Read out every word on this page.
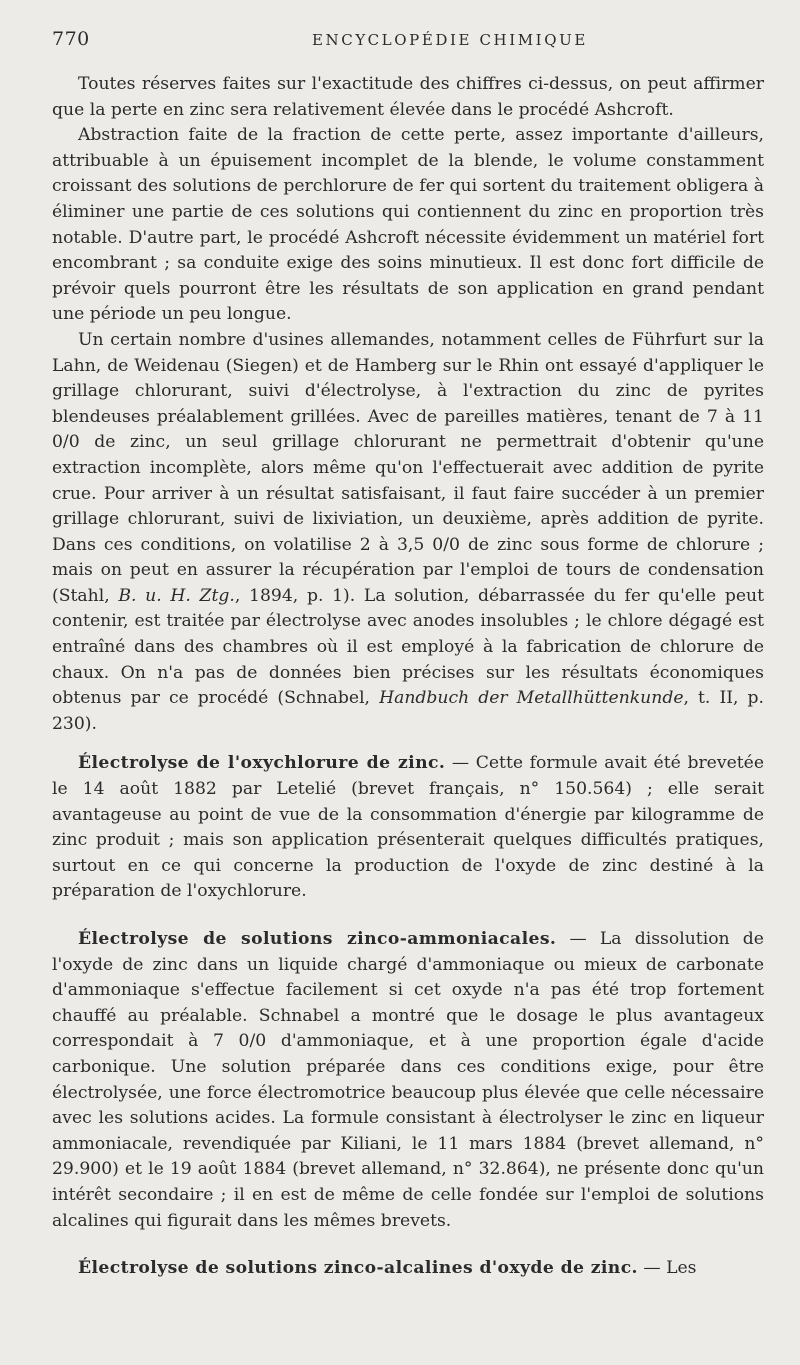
770	ENCYCLOPÉDIE CHIMIQUE

Toutes réserves faites sur l'exactitude des chiffres ci-dessus, on peut affirmer que la perte en zinc sera relativement élevée dans le procédé Ashcroft.

Abstraction faite de la fraction de cette perte, assez importante d'ailleurs, attribuable à un épuisement incomplet de la blende, le volume constamment croissant des solutions de perchlorure de fer qui sortent du traitement obligera à éliminer une partie de ces solutions qui contiennent du zinc en proportion très notable. D'autre part, le procédé Ashcroft nécessite évidemment un matériel fort encombrant ; sa conduite exige des soins minutieux. Il est donc fort difficile de prévoir quels pourront être les résultats de son application en grand pendant une période un peu longue.

Un certain nombre d'usines allemandes, notamment celles de Führfurt sur la Lahn, de Weidenau (Siegen) et de Hamberg sur le Rhin ont essayé d'appliquer le grillage chlorurant, suivi d'électrolyse, à l'extraction du zinc de pyrites blendeuses préalablement grillées. Avec de pareilles matières, tenant de 7 à 11 0/0 de zinc, un seul grillage chlorurant ne permettrait d'obtenir qu'une extraction incomplète, alors même qu'on l'effectuerait avec addition de pyrite crue. Pour arriver à un résultat satisfaisant, il faut faire succéder à un premier grillage chlorurant, suivi de lixiviation, un deuxième, après addition de pyrite. Dans ces conditions, on volatilise 2 à 3,5 0/0 de zinc sous forme de chlorure ; mais on peut en assurer la récupération par l'emploi de tours de condensation (Stahl, B. u. H. Ztg., 1894, p. 1). La solution, débarrassée du fer qu'elle peut contenir, est traitée par électrolyse avec anodes insolubles ; le chlore dégagé est entraîné dans des chambres où il est employé à la fabrication de chlorure de chaux. On n'a pas de données bien précises sur les résultats économiques obtenus par ce procédé (Schnabel, Handbuch der Metallhüttenkunde, t. II, p. 230).

Électrolyse de l'oxychlorure de zinc. — Cette formule avait été brevetée le 14 août 1882 par Letelié (brevet français, n° 150.564) ; elle serait avantageuse au point de vue de la consommation d'énergie par kilogramme de zinc produit ; mais son application présenterait quelques difficultés pratiques, surtout en ce qui concerne la production de l'oxyde de zinc destiné à la préparation de l'oxychlorure.

Électrolyse de solutions zinco-ammoniacales. — La dissolution de l'oxyde de zinc dans un liquide chargé d'ammoniaque ou mieux de carbonate d'ammoniaque s'effectue facilement si cet oxyde n'a pas été trop fortement chauffé au préalable. Schnabel a montré que le dosage le plus avantageux correspondait à 7 0/0 d'ammoniaque, et à une proportion égale d'acide carbonique. Une solution préparée dans ces conditions exige, pour être électrolysée, une force électromotrice beaucoup plus élevée que celle nécessaire avec les solutions acides. La formule consistant à électrolyser le zinc en liqueur ammoniacale, revendiquée par Kiliani, le 11 mars 1884 (brevet allemand, n° 29.900) et le 19 août 1884 (brevet allemand, n° 32.864), ne présente donc qu'un intérêt secondaire ; il en est de même de celle fondée sur l'emploi de solutions alcalines qui figurait dans les mêmes brevets.

Électrolyse de solutions zinco-alcalines d'oxyde de zinc. — Les
